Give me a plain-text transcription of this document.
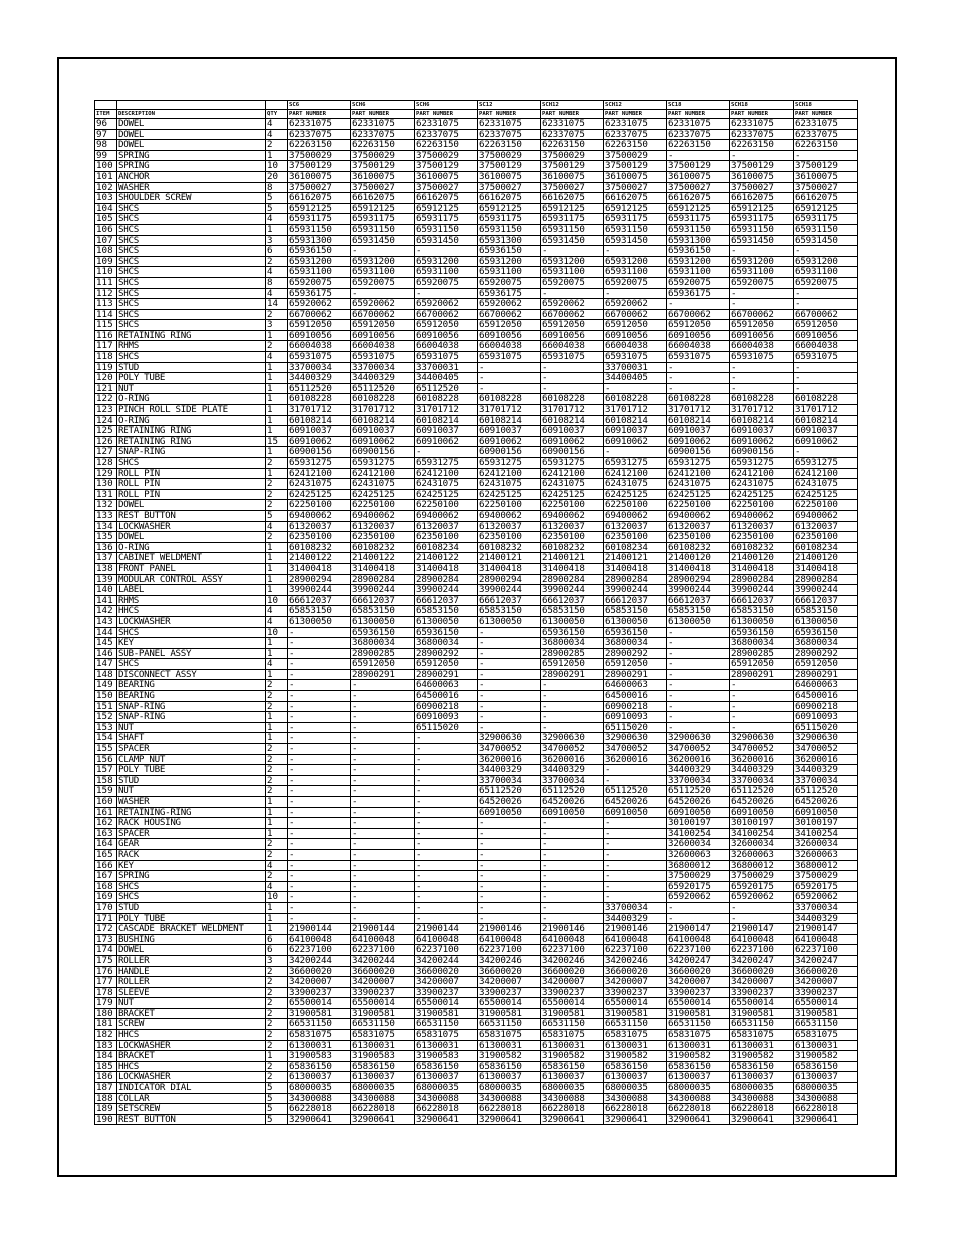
			SC6	SCH6	SCH6	SC12	SCH12	SCH12	SC18	SCH18	SCH18
ITEM	DESCRIPTION	QTY	PART NUMBER	PART NUMBER	PART NUMBER	PART NUMBER	PART NUMBER	PART NUMBER	PART NUMBER	PART NUMBER	PART NUMBER
96	DOWEL	4	62331075	62331075	62331075	62331075	62331075	62331075	62331075	62331075	62331075
97	DOWEL	4	62337075	62337075	62337075	62337075	62337075	62337075	62337075	62337075	62337075
98	DOWEL	2	62263150	62263150	62263150	62263150	62263150	62263150	62263150	62263150	62263150
99	SPRING	1	37500029	37500029	37500029	37500029	37500029	37500029	-	-	-
100	SPRING	10	37500129	37500129	37500129	37500129	37500129	37500129	37500129	37500129	37500129
101	ANCHOR	20	36100075	36100075	36100075	36100075	36100075	36100075	36100075	36100075	36100075
102	WASHER	8	37500027	37500027	37500027	37500027	37500027	37500027	37500027	37500027	37500027
103	SHOULDER SCREW	5	66162075	66162075	66162075	66162075	66162075	66162075	66162075	66162075	66162075
104	SHCS	5	65912125	65912125	65912125	65912125	65912125	65912125	65912125	65912125	65912125
105	SHCS	4	65931175	65931175	65931175	65931175	65931175	65931175	65931175	65931175	65931175
106	SHCS	1	65931150	65931150	65931150	65931150	65931150	65931150	65931150	65931150	65931150
107	SHCS	3	65931300	65931450	65931450	65931300	65931450	65931450	65931300	65931450	65931450
108	SHCS	6	65936150	-	-	65936150	-	-	65936150	-	-
109	SHCS	2	65931200	65931200	65931200	65931200	65931200	65931200	65931200	65931200	65931200
110	SHCS	4	65931100	65931100	65931100	65931100	65931100	65931100	65931100	65931100	65931100
111	SHCS	8	65920075	65920075	65920075	65920075	65920075	65920075	65920075	65920075	65920075
112	SHCS	4	65936175	-	-	65936175	-	-	65936175	-	-
113	SHCS	14	65920062	65920062	65920062	65920062	65920062	65920062	-	-	-
114	SHCS	2	66700062	66700062	66700062	66700062	66700062	66700062	66700062	66700062	66700062
115	SHCS	3	65912050	65912050	65912050	65912050	65912050	65912050	65912050	65912050	65912050
116	RETAINING RING	1	60910056	60910056	60910056	60910056	60910056	60910056	60910056	60910056	60910056
117	RHMS	2	66004038	66004038	66004038	66004038	66004038	66004038	66004038	66004038	66004038
118	SHCS	4	65931075	65931075	65931075	65931075	65931075	65931075	65931075	65931075	65931075
119	STUD	1	33700034	33700034	33700031	-	-	33700031	-	-	-
120	POLY TUBE	1	34400329	34400329	34400405	-	-	34400405	-	-	-
121	NUT	1	65112520	65112520	65112520	-	-	-	-	-	-
122	O-RING	1	60108228	60108228	60108228	60108228	60108228	60108228	60108228	60108228	60108228
123	PINCH ROLL SIDE PLATE	1	31701712	31701712	31701712	31701712	31701712	31701712	31701712	31701712	31701712
124	O-RING	1	60108214	60108214	60108214	60108214	60108214	60108214	60108214	60108214	60108214
125	RETAINING RING	1	60910037	60910037	60910037	60910037	60910037	60910037	60910037	60910037	60910037
126	RETAINING RING	15	60910062	60910062	60910062	60910062	60910062	60910062	60910062	60910062	60910062
127	SNAP-RING	1	60900156	60900156	-	60900156	60900156	-	60900156	60900156	-
128	SHCS	2	65931275	65931275	65931275	65931275	65931275	65931275	65931275	65931275	65931275
129	ROLL PIN	1	62412100	62412100	62412100	62412100	62412100	62412100	62412100	62412100	62412100
130	ROLL PIN	2	62431075	62431075	62431075	62431075	62431075	62431075	62431075	62431075	62431075
131	ROLL PIN	2	62425125	62425125	62425125	62425125	62425125	62425125	62425125	62425125	62425125
132	DOWEL	2	62250100	62250100	62250100	62250100	62250100	62250100	62250100	62250100	62250100
133	REST BUTTON	5	69400062	69400062	69400062	69400062	69400062	69400062	69400062	69400062	69400062
134	LOCKWASHER	4	61320037	61320037	61320037	61320037	61320037	61320037	61320037	61320037	61320037
135	DOWEL	2	62350100	62350100	62350100	62350100	62350100	62350100	62350100	62350100	62350100
136	O-RING	1	60108232	60108232	60108234	60108232	60108232	60108234	60108232	60108232	60108234
137	CABINET WELDMENT	1	21400122	21400122	21400122	21400121	21400121	21400121	21400120	21400120	21400120
138	FRONT PANEL	1	31400418	31400418	31400418	31400418	31400418	31400418	31400418	31400418	31400418
139	MODULAR CONTROL ASSY	1	28900294	28900284	28900284	28900294	28900284	28900284	28900294	28900284	28900284
140	LABEL	1	39900244	39900244	39900244	39900244	39900244	39900244	39900244	39900244	39900244
141	RHMS	10	66612037	66612037	66612037	66612037	66612037	66612037	66612037	66612037	66612037
142	HHCS	4	65853150	65853150	65853150	65853150	65853150	65853150	65853150	65853150	65853150
143	LOCKWASHER	4	61300050	61300050	61300050	61300050	61300050	61300050	61300050	61300050	61300050
144	SHCS	10	-	65936150	65936150	-	65936150	65936150	-	65936150	65936150
145	KEY	1	-	36800034	36800034	-	36800034	36800034	-	36800034	36800034
146	SUB-PANEL ASSY	1	-	28900285	28900292	-	28900285	28900292	-	28900285	28900292
147	SHCS	4	-	65912050	65912050	-	65912050	65912050	-	65912050	65912050
148	DISCONNECT ASSY	1	-	28900291	28900291	-	28900291	28900291	-	28900291	28900291
149	BEARING	2	-	-	64600063	-	-	64600063	-	-	64600063
150	BEARING	2	-	-	64500016	-	-	64500016	-	-	64500016
151	SNAP-RING	2	-	-	60900218	-	-	60900218	-	-	60900218
152	SNAP-RING	1	-	-	60910093	-	-	60910093	-	-	60910093
153	NUT	1	-	-	65115020	-	-	65115020	-	-	65115020
154	SHAFT	1	-	-	-	32900630	32900630	32900630	32900630	32900630	32900630
155	SPACER	2	-	-	-	34700052	34700052	34700052	34700052	34700052	34700052
156	CLAMP NUT	2	-	-	-	36200016	36200016	36200016	36200016	36200016	36200016
157	POLY TUBE	2	-	-	-	34400329	34400329	-	34400329	34400329	34400329
158	STUD	2	-	-	-	33700034	33700034	-	33700034	33700034	33700034
159	NUT	2	-	-	-	65112520	65112520	65112520	65112520	65112520	65112520
160	WASHER	1	-	-	-	64520026	64520026	64520026	64520026	64520026	64520026
161	RETAINING-RING	1	-	-	-	60910050	60910050	60910050	60910050	60910050	60910050
162	RACK HOUSING	1	-	-	-	-	-	-	30100197	30100197	30100197
163	SPACER	1	-	-	-	-	-	-	34100254	34100254	34100254
164	GEAR	2	-	-	-	-	-	-	32600034	32600034	32600034
165	RACK	2	-	-	-	-	-	-	32600063	32600063	32600063
166	KEY	4	-	-	-	-	-	-	36800012	36800012	36800012
167	SPRING	2	-	-	-	-	-	-	37500029	37500029	37500029
168	SHCS	4	-	-	-	-	-	-	65920175	65920175	65920175
169	SHCS	10	-	-	-	-	-	-	65920062	65920062	65920062
170	STUD	1	-	-	-	-	-	33700034	-	-	33700034
171	POLY TUBE	1	-	-	-	-	-	34400329	-	-	34400329
172	CASCADE BRACKET WELDMENT	1	21900144	21900144	21900144	21900146	21900146	21900146	21900147	21900147	21900147
173	BUSHING	6	64100048	64100048	64100048	64100048	64100048	64100048	64100048	64100048	64100048
174	DOWEL	6	62237100	62237100	62237100	62237100	62237100	62237100	62237100	62237100	62237100
175	ROLLER	3	34200244	34200244	34200244	34200246	34200246	34200246	34200247	34200247	34200247
176	HANDLE	2	36600020	36600020	36600020	36600020	36600020	36600020	36600020	36600020	36600020
177	ROLLER	2	34200007	34200007	34200007	34200007	34200007	34200007	34200007	34200007	34200007
178	SLEEVE	2	33900237	33900237	33900237	33900237	33900237	33900237	33900237	33900237	33900237
179	NUT	2	65500014	65500014	65500014	65500014	65500014	65500014	65500014	65500014	65500014
180	BRACKET	2	31900581	31900581	31900581	31900581	31900581	31900581	31900581	31900581	31900581
181	SCREW	2	66531150	66531150	66531150	66531150	66531150	66531150	66531150	66531150	66531150
182	HHCS	2	65831075	65831075	65831075	65831075	65831075	65831075	65831075	65831075	65831075
183	LOCKWASHER	2	61300031	61300031	61300031	61300031	61300031	61300031	61300031	61300031	61300031
184	BRACKET	1	31900583	31900583	31900583	31900582	31900582	31900582	31900582	31900582	31900582
185	HHCS	2	65836150	65836150	65836150	65836150	65836150	65836150	65836150	65836150	65836150
186	LOCKWASHER	2	61300037	61300037	61300037	61300037	61300037	61300037	61300037	61300037	61300037
187	INDICATOR DIAL	5	68000035	68000035	68000035	68000035	68000035	68000035	68000035	68000035	68000035
188	COLLAR	5	34300088	34300088	34300088	34300088	34300088	34300088	34300088	34300088	34300088
189	SETSCREW	5	66228018	66228018	66228018	66228018	66228018	66228018	66228018	66228018	66228018
190	REST BUTTON	5	32900641	32900641	32900641	32900641	32900641	32900641	32900641	32900641	32900641
